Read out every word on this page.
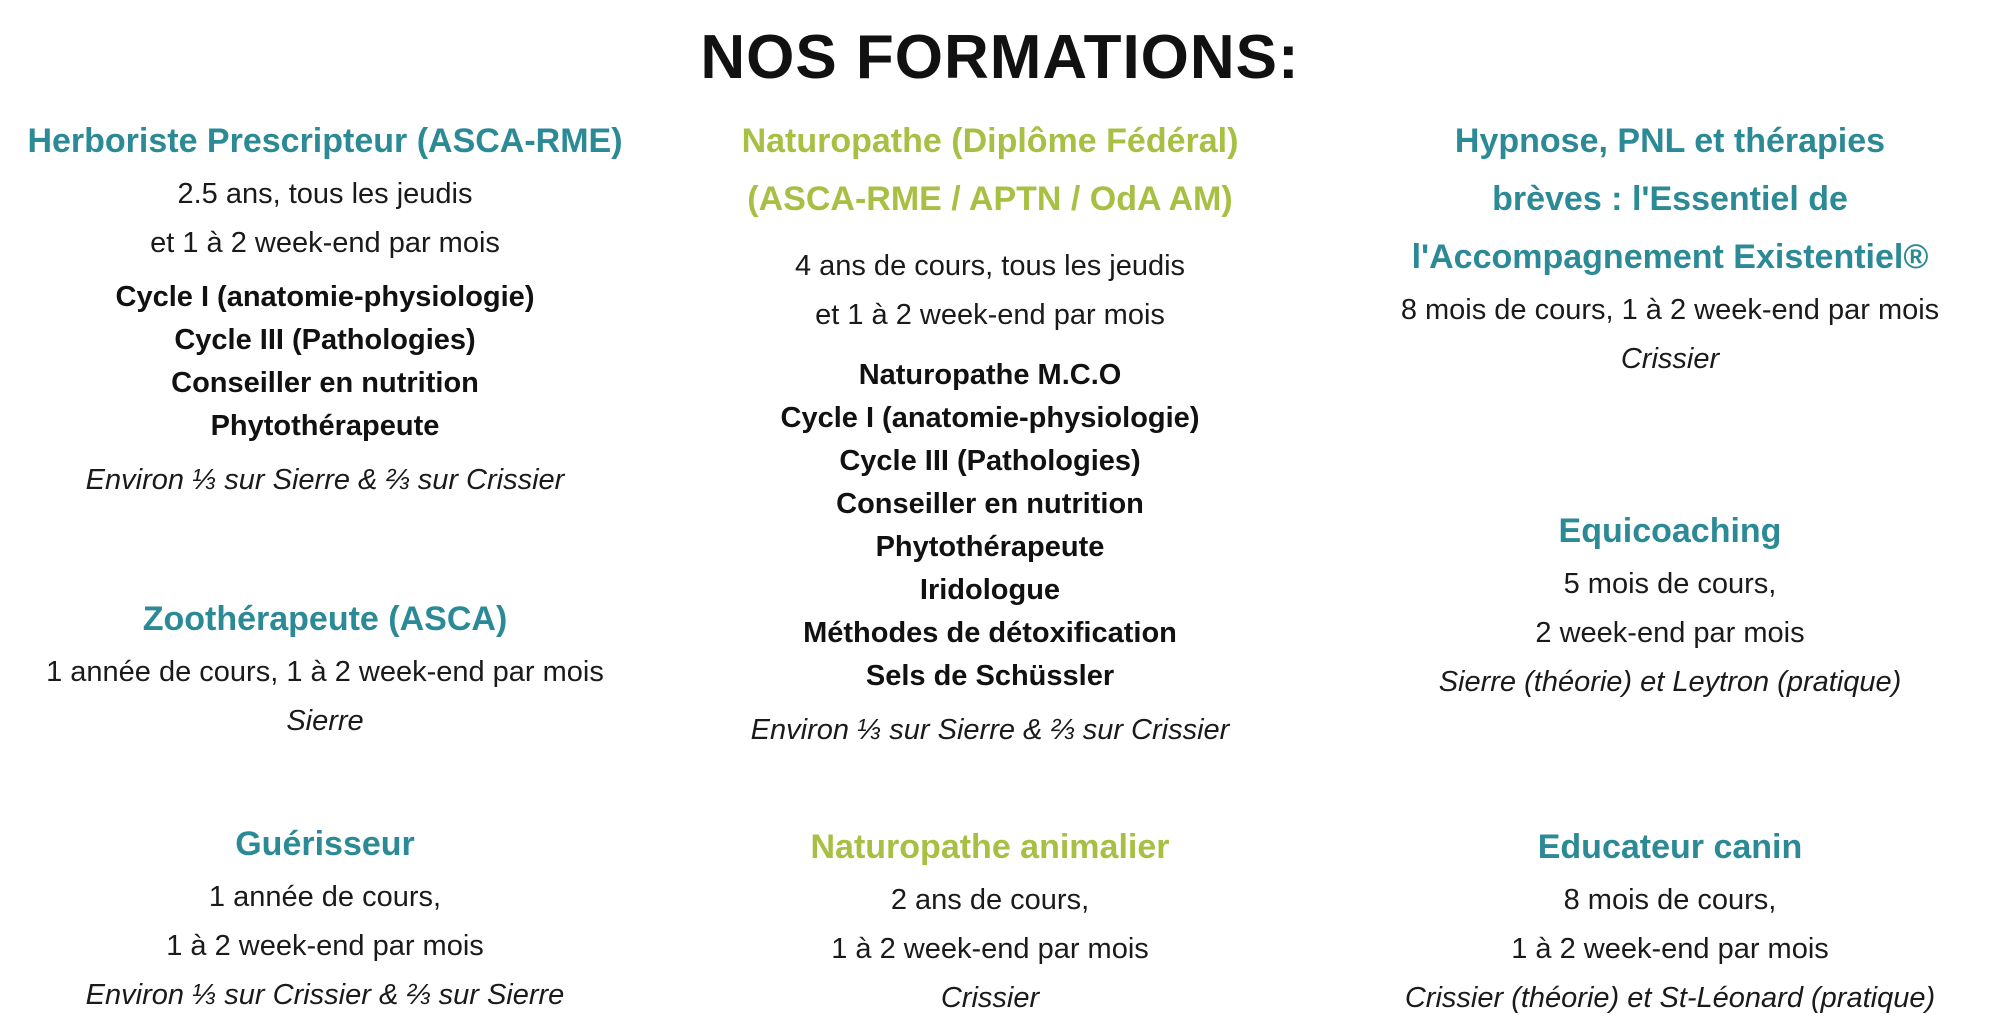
NOS FORMATIONS:
Herboriste Prescripteur (ASCA-RME)
2.5 ans, tous les jeudis
et 1 à 2 week-end par mois
Cycle I (anatomie-physiologie)
Cycle III (Pathologies)
Conseiller en nutrition
Phytothérapeute
Environ ⅓ sur Sierre & ⅔ sur Crissier
Zoothérapeute (ASCA)
1 année de cours, 1 à 2 week-end par mois
Sierre
Guérisseur
1 année de cours,
1 à 2 week-end par mois
Environ ⅓ sur Crissier & ⅔ sur Sierre
Naturopathe (Diplôme Fédéral)
(ASCA-RME / APTN / OdA AM)
4 ans de cours, tous les jeudis
et 1 à 2 week-end par mois
Naturopathe M.C.O
Cycle I (anatomie-physiologie)
Cycle III (Pathologies)
Conseiller en nutrition
Phytothérapeute
Iridologue
Méthodes de détoxification
Sels de Schüssler
Environ ⅓ sur Sierre & ⅔ sur Crissier
Naturopathe animalier
2 ans de cours,
1 à 2 week-end par mois
Crissier
Hypnose, PNL et thérapies
brèves : l'Essentiel de
l'Accompagnement Existentiel®
8 mois de cours, 1 à 2 week-end par mois
Crissier
Equicoaching
5 mois de cours,
2 week-end par mois
Sierre (théorie) et Leytron (pratique)
Educateur canin
8 mois de cours,
1 à 2 week-end par mois
Crissier (théorie) et St-Léonard (pratique)
